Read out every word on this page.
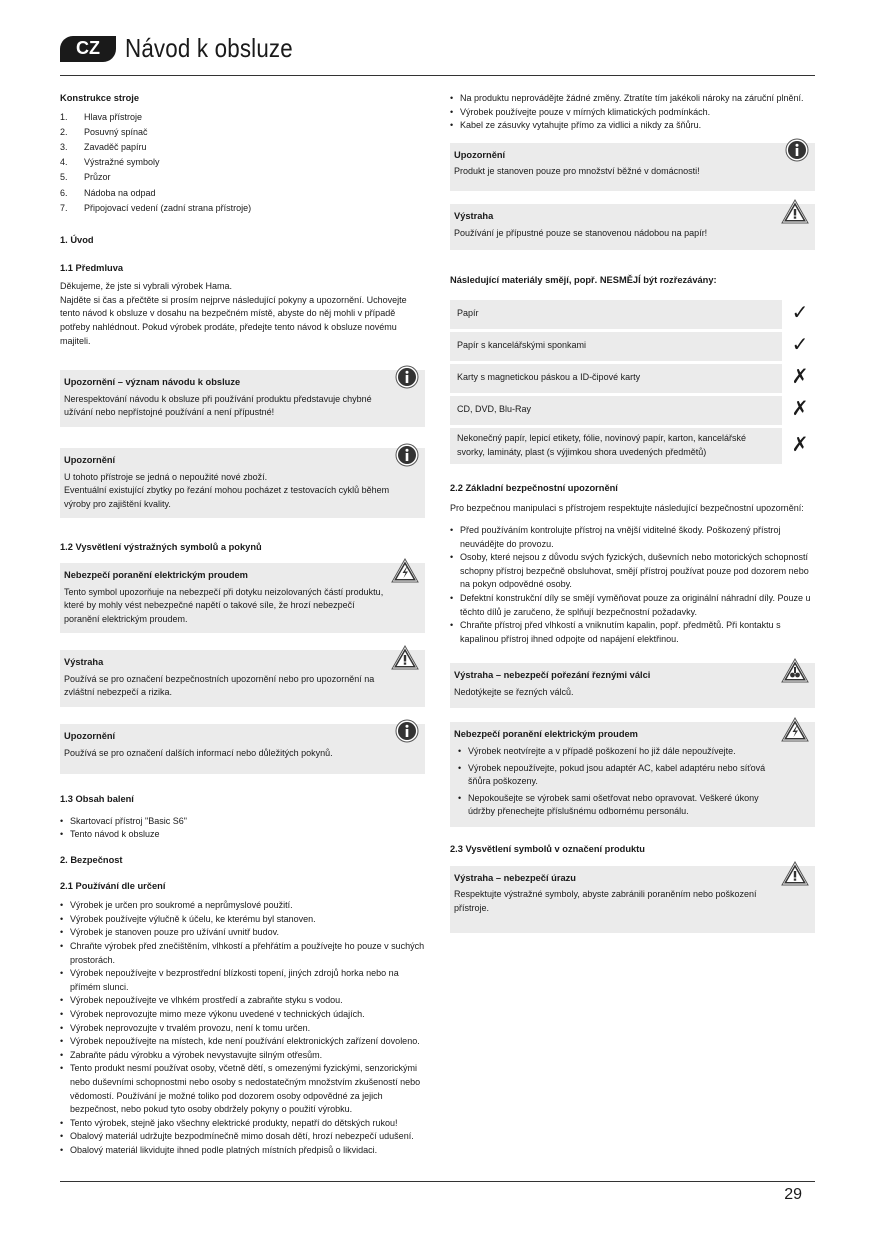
CZ Návod k obsluze

Konstrukce stroje

1.	Hlava přístroje
2.	Posuvný spínač
3.	Zavaděč papíru
4.	Výstražné symboly
5.	Průzor
6.	Nádoba na odpad
7.	Připojovací vedení (zadní strana přístroje)

1. Úvod

1.1 Předmluva

Děkujeme, že jste si vybrali výrobek Hama.

Najděte si čas a přečtěte si prosím nejprve následující pokyny a upozornění. Uchovejte tento návod k obsluze v dosahu na bezpečném místě, abyste do něj mohli v případě potřeby nahlédnout. Pokud výrobek prodáte, předejte tento návod k obsluze novému majiteli.

Upozornění – význam návodu k obsluze
Nerespektování návodu k obsluze při používání produktu představuje chybné užívání nebo nepřístojné používání a není přípustné!
Upozornění
U tohoto přístroje se jedná o nepoužité nové zboží.
Eventuální existující zbytky po řezání mohou pocházet z testovacích cyklů během výroby pro zajištění kvality.

1.2 Vysvětlení výstražných symbolů a pokynů

Nebezpečí poranění elektrickým proudem
Tento symbol upozorňuje na nebezpečí při dotyku neizolovaných částí produktu, které by mohly vést nebezpečné napětí o takové síle, že hrozí nebezpečí poranění elektrickým proudem.
Výstraha
Používá se pro označení bezpečnostních upozornění nebo pro upozornění na zvláštní nebezpečí a rizika.
Upozornění
Používá se pro označení dalších informací nebo důležitých pokynů.

1.3 Obsah balení

• Skartovací přístroj "Basic S6"
• Tento návod k obsluze

2. Bezpečnost

2.1 Používání dle určení

• Výrobek je určen pro soukromé a neprůmyslové použití.
• Výrobek používejte výlučně k účelu, ke kterému byl stanoven.
• Výrobek je stanoven pouze pro užívání uvnitř budov.
• Chraňte výrobek před znečištěním, vlhkostí a přehřátím a používejte ho pouze v suchých prostorách.
• Výrobek nepoužívejte v bezprostřední blízkosti topení, jiných zdrojů horka nebo na přímém slunci.
• Výrobek nepoužívejte ve vlhkém prostředí a zabraňte styku s vodou.
• Výrobek neprovozujte mimo meze výkonu uvedené v technických údajích.
• Výrobek neprovozujte v trvalém provozu, není k tomu určen.
• Výrobek nepoužívejte na místech, kde není používání elektronických zařízení dovoleno.
• Zabraňte pádu výrobku a výrobek nevystavujte silným otřesům.
• Tento produkt nesmí používat osoby, včetně dětí, s omezenými fyzickými, senzorickými nebo duševními schopnostmi nebo osoby s nedostatečným množstvím zkušeností nebo vědomostí. Používání je možné toliko pod dozorem osoby odpovědné za jejich bezpečnost, nebo pokud tyto osoby obdržely pokyny o použití výrobku.
• Tento výrobek, stejně jako všechny elektrické produkty, nepatří do dětských rukou!
• Obalový materiál udržujte bezpodmínečně mimo dosah dětí, hrozí nebezpečí udušení.
• Obalový materiál likvidujte ihned podle platných místních předpisů o likvidaci.
• Na produktu neprovádějte žádné změny. Ztratíte tím jakékoli nároky na záruční plnění.
• Výrobek používejte pouze v mírných klimatických podmínkách.
• Kabel ze zásuvky vytahujte přímo za vidlici a nikdy za šňůru.
Upozornění
Produkt je stanoven pouze pro množství běžné v domácnosti!
Výstraha
Používání je přípustné pouze se stanovenou nádobou na papír!

Následující materiály smějí, popř. NESMĚJÍ být rozřezávány:

Papír	✓
Papír s kancelářskými sponkami	✓
Karty s magnetickou páskou a ID-čipové karty	✗
CD, DVD, Blu-Ray	✗
Nekonečný papír, lepicí etikety, fólie, novinový papír, karton, kancelářské svorky, lamináty, plast (s výjimkou shora uvedených předmětů)	✗

2.2 Základní bezpečnostní upozornění

Pro bezpečnou manipulaci s přístrojem respektujte následující bezpečnostní upozornění:

• Před používáním kontrolujte přístroj na vnější viditelné škody. Poškozený přístroj neuvádějte do provozu.
• Osoby, které nejsou z důvodu svých fyzických, duševních nebo motorických schopností schopny přístroj bezpečně obsluhovat, smějí přístroj používat pouze pod dozorem nebo na pokyn odpovědné osoby.
• Defektní konstrukční díly se smějí vyměňovat pouze za originální náhradní díly. Pouze u těchto dílů je zaručeno, že splňují bezpečnostní požadavky.
• Chraňte přístroj před vlhkostí a vniknutím kapalin, popř. předmětů. Při kontaktu s kapalinou přístroj ihned odpojte od napájení elektřinou.
Výstraha – nebezpečí pořezání řeznými válci
Nedotýkejte se řezných válců.
Nebezpečí poranění elektrickým proudem
• Výrobek neotvírejte a v případě poškození ho již dále nepoužívejte.
• Výrobek nepoužívejte, pokud jsou adaptér AC, kabel adaptéru nebo síťová šňůra poškozeny.
• Nepokoušejte se výrobek sami ošetřovat nebo opravovat. Veškeré úkony údržby přenechejte příslušnému odbornému personálu.

2.3 Vysvětlení symbolů v označení produktu

Výstraha – nebezpečí úrazu
Respektujte výstražné symboly, abyste zabránili poraněním nebo poškození přístroje.
29
